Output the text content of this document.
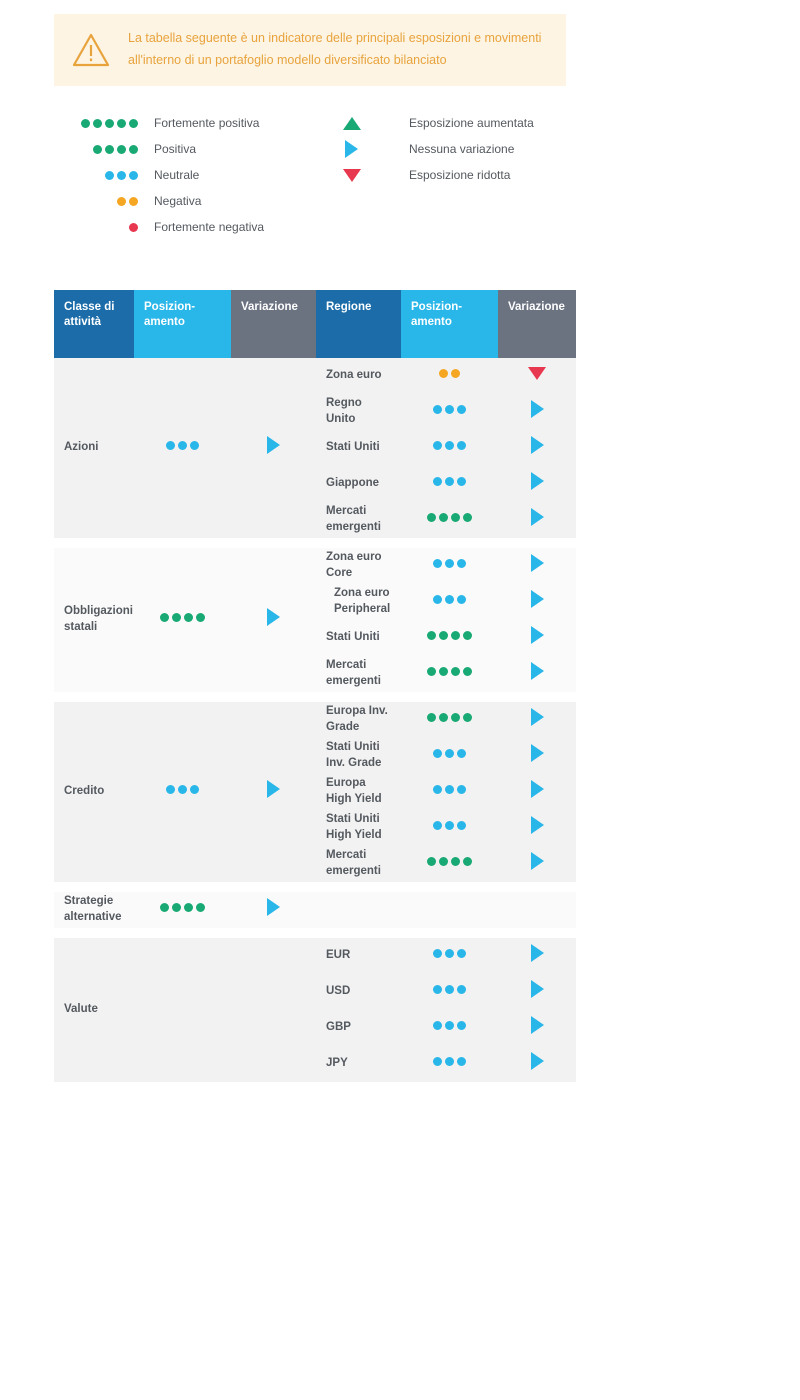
La tabella seguente è un indicatore delle principali esposizioni e movimenti
all'interno di un portafoglio modello diversificato bilanciato
Fortemente positiva
Positiva
Neutrale
Negativa
Fortemente negativa
Esposizione aumentata
Nessuna variazione
Esposizione ridotta
Classe di attività	Posizion-amento	Variazione	Regione	Posizion-amento	Variazione
Azioni			Zona euro		
			Regno Unito		
			Stati Uniti		
			Giappone		
			Mercati emergenti		

Obbligazioni statali			Zona euro Core		
			Zona euro Peripheral		
			Stati Uniti		
			Mercati emergenti		

Credito			Europa Inv. Grade		
			Stati Uniti Inv. Grade		
			Europa High Yield		
			Stati Uniti High Yield		
			Mercati emergenti		

Strategie alternative					

Valute			EUR		
			USD		
			GBP		
			JPY		
